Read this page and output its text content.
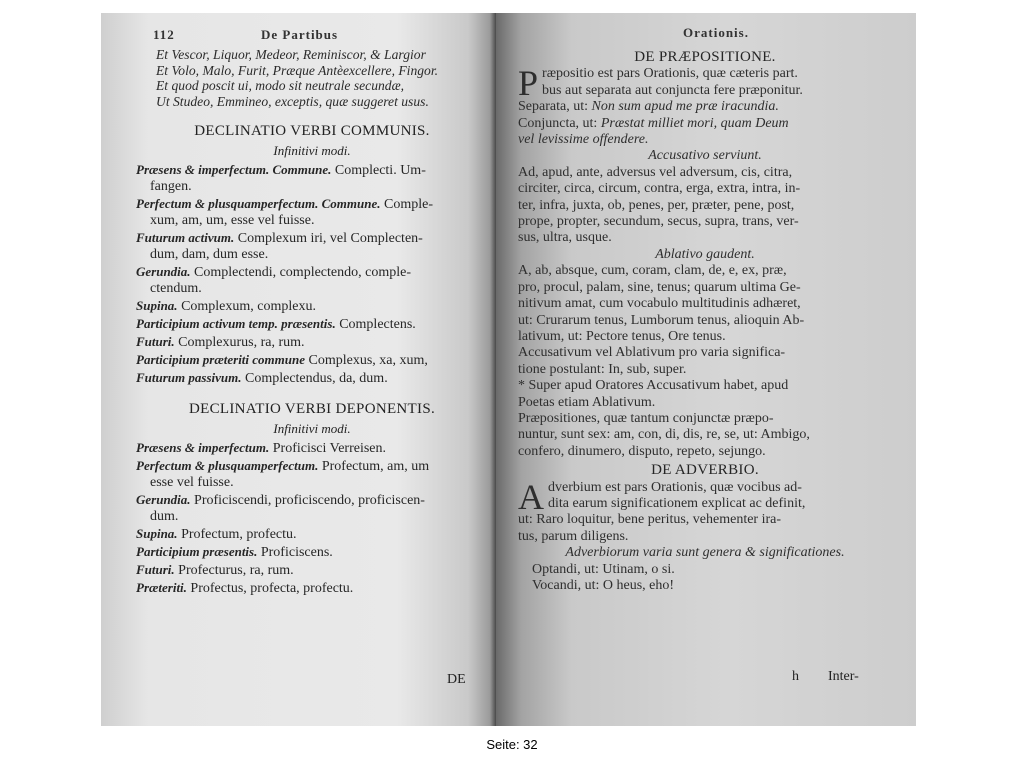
112	De Partibus
Et Vescor, Liquor, Medeor, Reminiscor, & Largior
Et Volo, Malo, Furit, Præque Antèexcellere, Fingor.
Et quod poscit ui, modo sit neutrale secundæ,
Ut Studeo, Emmineo, exceptis, quæ suggeret usus.
DECLINATIO VERBI COMMUNIS.
Infinitivi modi.
Præsens & imperfectum. Commune. Complecti. Um-
fangen.
Perfectum & plusquamperfectum. Commune. Comple-
xum, am, um, esse vel fuisse.
Futurum activum. Complexum iri, vel Complecten-
dum, dam, dum esse.
Gerundia. Complectendi, complectendo, comple-
ctendum.
Supina. Complexum, complexu.
Participium activum temp. præsentis. Complectens.
Futuri. Complexurus, ra, rum.
Participium præteriti commune Complexus, xa, xum,
Futurum passivum. Complectendus, da, dum.
DECLINATIO VERBI DEPONENTIS.
Infinitivi modi.
Præsens & imperfectum. Proficisci Verreisen.
Perfectum & plusquamperfectum. Profectum, am, um
esse vel fuisse.
Gerundia. Proficiscendi, proficiscendo, proficiscen-
dum.
Supina. Profectum, profectu.
Participium præsentis. Proficiscens.
Futuri. Profecturus, ra, rum.
Præteriti. Profectus, profecta, profectu.
DE
Orationis.
DE PRÆPOSITIONE.
P ræpositio est pars Orationis, quæ cæteris part.
bus aut separata aut conjuncta fere præponitur.
Separata, ut: Non sum apud me præ iracundia.
Conjuncta, ut: Præstat milliet mori, quam Deum
vel levissime offendere.
Accusativo serviunt.
Ad, apud, ante, adversus vel adversum, cis, citra,
circiter, circa, circum, contra, erga, extra, intra, in-
ter, infra, juxta, ob, penes, per, præter, pene, post,
prope, propter, secundum, secus, supra, trans, ver-
sus, ultra, usque.
Ablativo gaudent.
A, ab, absque, cum, coram, clam, de, e, ex, præ,
pro, procul, palam, sine, tenus; quarum ultima Ge-
nitivum amat, cum vocabulo multitudinis adhæret,
ut: Crurarum tenus, Lumborum tenus, alioquin Ab-
lativum, ut: Pectore tenus, Ore tenus.
Accusativum vel Ablativum pro varia significa-
tione postulant: In, sub, super.
* Super apud Oratores Accusativum habet, apud
Poetas etiam Ablativum.
Præpositiones, quæ tantum conjunctæ præpo-
nuntur, sunt sex: am, con, di, dis, re, se, ut: Ambigo,
confero, dinumero, disputo, repeto, sejungo.
DE ADVERBIO.
A dverbium est pars Orationis, quæ vocibus ad-
dita earum significationem explicat ac definit,
ut: Raro loquitur, bene peritus, vehementer ira-
tus, parum diligens.
Adverbiorum varia sunt genera & significationes.
Optandi, ut: Utinam, o si.
Vocandi, ut: O heus, eho!
h Inter-
Seite: 32
